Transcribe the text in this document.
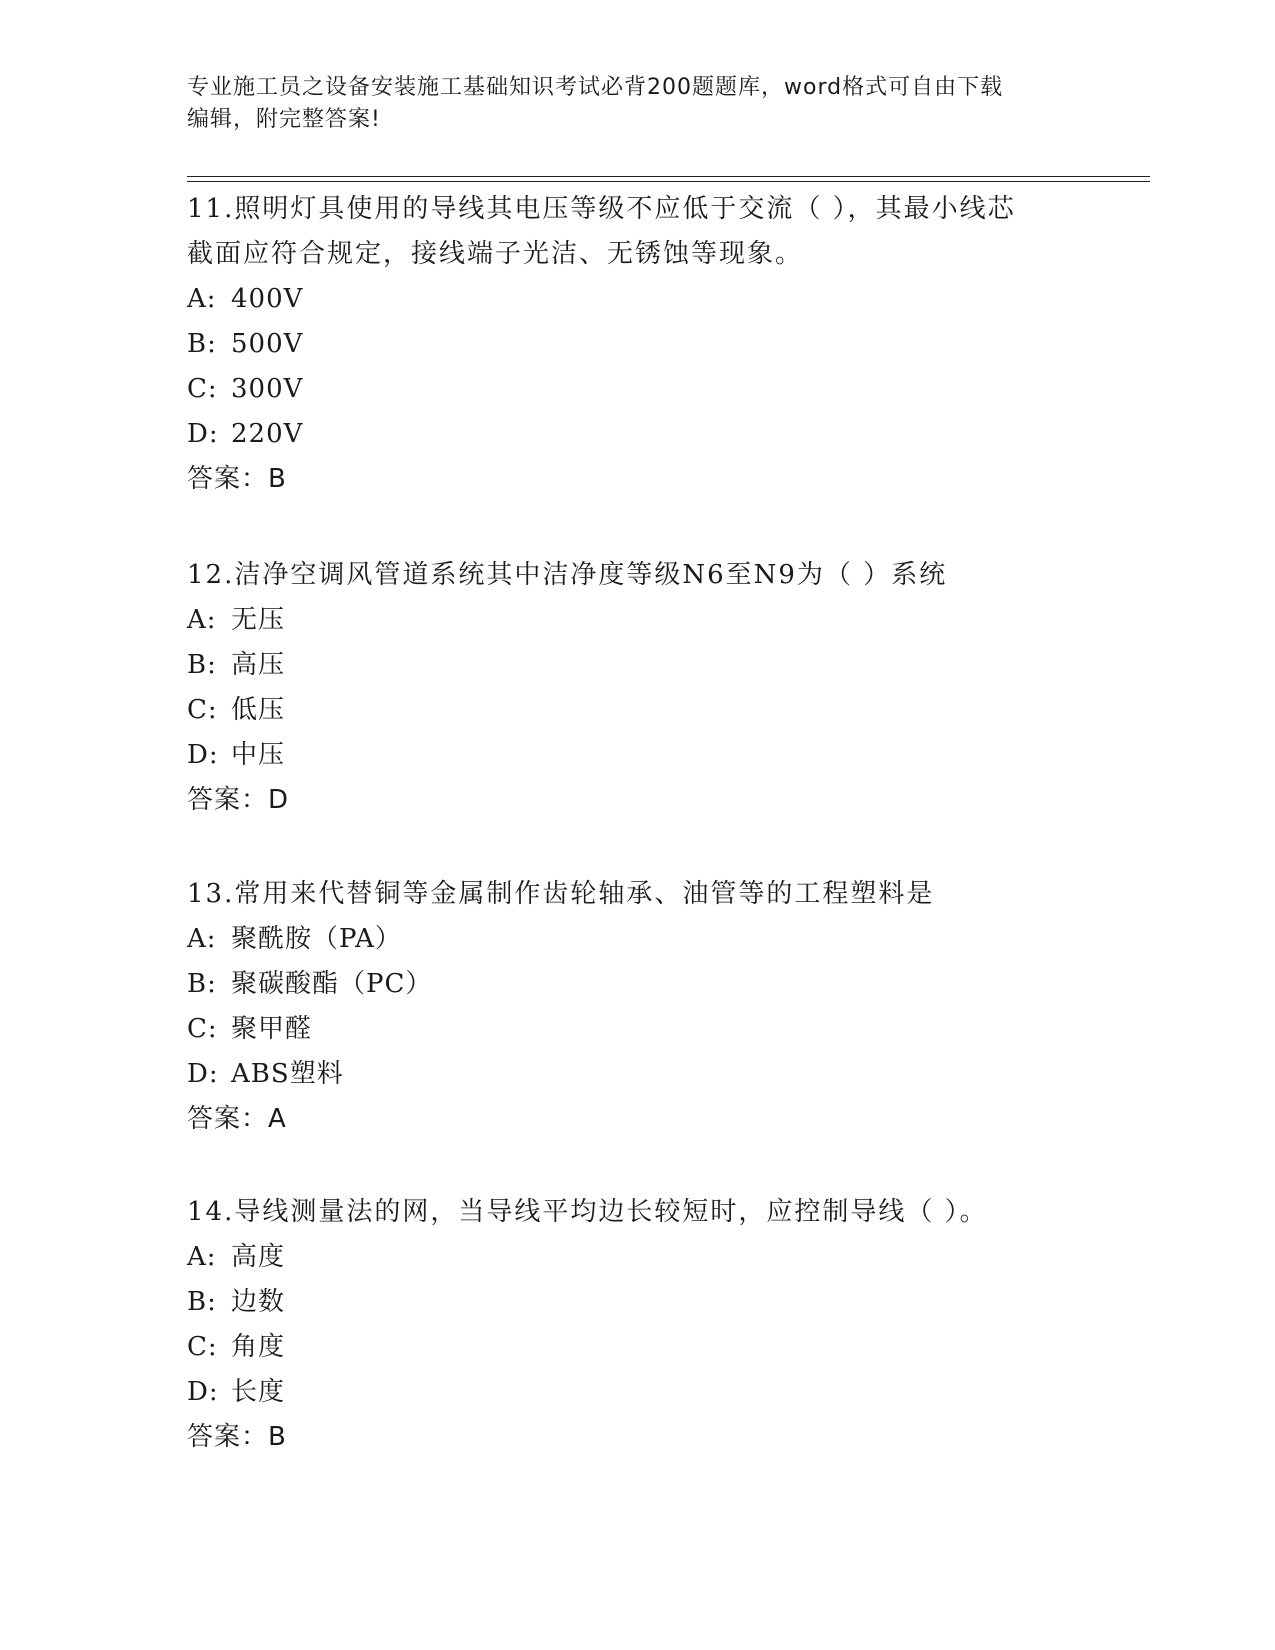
专业施工员之设备安装施工基础知识考试必背200题题库，word格式可自由下载
编辑，附完整答案!

11.照明灯具使用的导线其电压等级不应低于交流（ ），其最小线芯

截面应符合规定，接线端子光洁、无锈蚀等现象。

A: 400V

B: 500V

C: 300V

D: 220V

答案：B

12.洁净空调风管道系统其中洁净度等级N6至N9为（ ）系统

A: 无压

B: 高压

C: 低压

D: 中压

答案：D

13.常用来代替铜等金属制作齿轮轴承、油管等的工程塑料是

A: 聚酰胺（PA）

B: 聚碳酸酯（PC）

C: 聚甲醛

D: ABS塑料

答案：A

14.导线测量法的网，当导线平均边长较短时，应控制导线（ ）。

A: 高度

B: 边数

C: 角度

D: 长度

答案：B
